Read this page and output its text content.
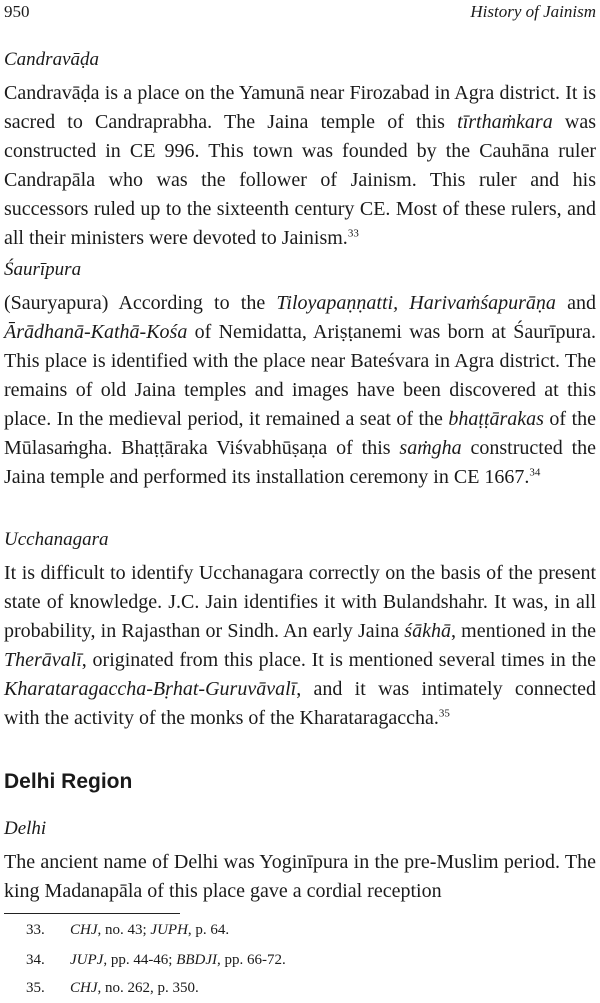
950	History of Jainism
Candravāḍa

Candravāḍa is a place on the Yamunā near Firozabad in Agra district. It is sacred to Candraprabha. The Jaina temple of this tīrthaṁkara was constructed in CE 996. This town was founded by the Cauhāna ruler Candrapāla who was the follower of Jainism. This ruler and his successors ruled up to the sixteenth century CE. Most of these rulers, and all their ministers were devoted to Jainism.$^{33}$

Śaurīpura

(Sauryapura) According to the Tiloyapaṇṇatti, Harivaṁśapurāṇa and Ārādhanā-Kathā-Kośa of Nemidatta, Ariṣṭanemi was born at Śaurīpura. This place is identified with the place near Bateśvara in Agra district. The remains of old Jaina temples and images have been discovered at this place. In the medieval period, it remained a seat of the bhaṭṭārakas of the Mūlasaṁgha. Bhaṭṭāraka Viśvabhūṣaṇa of this saṁgha constructed the Jaina temple and performed its installation ceremony in CE 1667.34

Ucchanagara

It is difficult to identify Ucchanagara correctly on the basis of the present state of knowledge. J.C. Jain identifies it with Bulandshahr. It was, in all probability, in Rajasthan or Sindh. An early Jaina śākhā, mentioned in the Therāvalī, originated from this place. It is mentioned several times in the Kharataragaccha-Bṛhat-Guruvāvalī, and it was intimately connected with the activity of the monks of the Kharataragaccha.$^{35}$

Delhi Region
Delhi

The ancient name of Delhi was Yoginīpura in the pre-Muslim period. The king Madanapāla of this place gave a cordial reception

33. CHJ, no. 43; JUPH, p. 64.
34. JUPJ, pp. 44-46; BBDJI, pp. 66-72.
35. CHJ, no. 262, p. 350.
